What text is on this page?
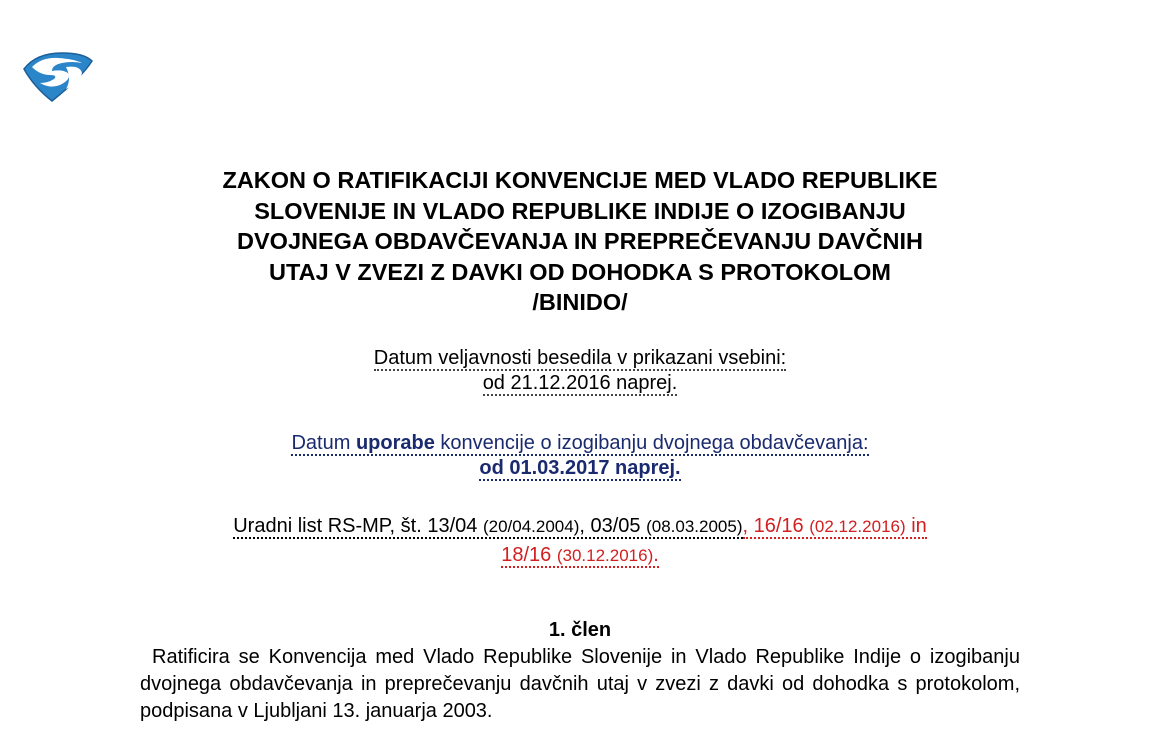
ZAKON O RATIFIKACIJI KONVENCIJE MED VLADO REPUBLIKE
SLOVENIJE IN VLADO REPUBLIKE INDIJE O IZOGIBANJU
DVOJNEGA OBDAVČEVANJA IN PREPREČEVANJU DAVČNIH
UTAJ V ZVEZI Z DAVKI OD DOHODKA S PROTOKOLOM
/BINIDO/
Datum veljavnosti besedila v prikazani vsebini:
od 21.12.2016 naprej.
Datum uporabe konvencije o izogibanju dvojnega obdavčevanja:
od 01.03.2017 naprej.
Uradni list RS-MP, št. 13/04 (20/04.2004), 03/05 (08.03.2005), 16/16 (02.12.2016) in
18/16 (30.12.2016).
1. člen

Ratificira se Konvencija med Vlado Republike Slovenije in Vlado Republike Indije o izogibanju dvojnega obdavčevanja in preprečevanju davčnih utaj v zvezi z davki od dohodka s protokolom, podpisana v Ljubljani 13. januarja 2003.
